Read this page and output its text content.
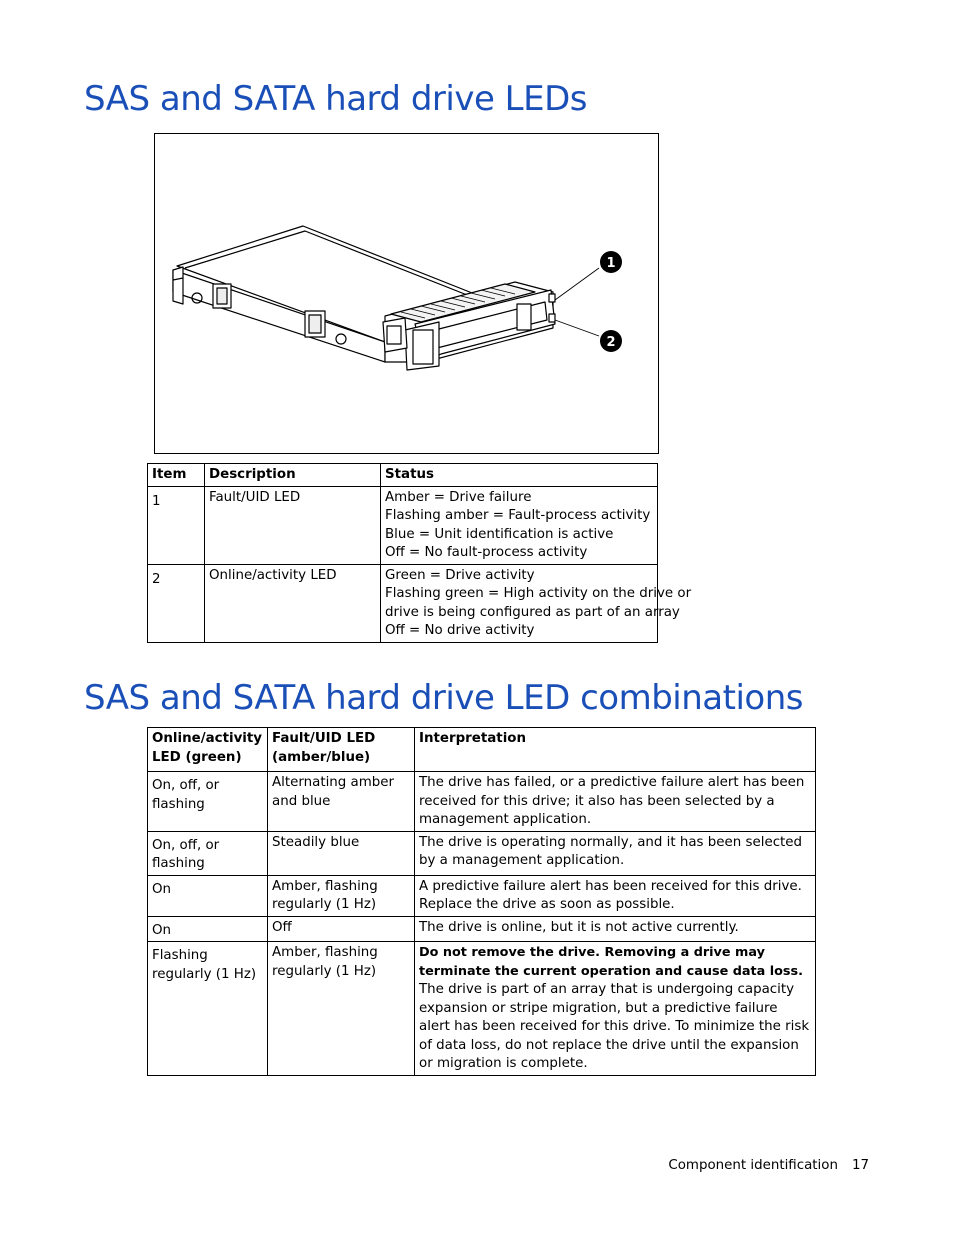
SAS and SATA hard drive LEDs
1
2
Item	Description	Status

1	Fault/UID LED	Amber = Drive failure
Flashing amber = Fault-process activity
Blue = Unit identification is active
Off = No fault-process activity

2	Online/activity LED	Green = Drive activity
Flashing green = High activity on the drive or
drive is being configured as part of an array
Off = No drive activity
SAS and SATA hard drive LED combinations
Online/activity LED (green)	Fault/UID LED (amber/blue)	Interpretation

On, off, or flashing	Alternating amber and blue	The drive has failed, or a predictive failure alert has been received for this drive; it also has been selected by a management application.

On, off, or flashing	Steadily blue	The drive is operating normally, and it has been selected by a management application.

On	Amber, flashing regularly (1 Hz)	A predictive failure alert has been received for this drive. Replace the drive as soon as possible.

On	Off	The drive is online, but it is not active currently.

Flashing regularly (1 Hz)	Amber, flashing regularly (1 Hz)	Do not remove the drive. Removing a drive may terminate the current operation and cause data loss.
The drive is part of an array that is undergoing capacity expansion or stripe migration, but a predictive failure alert has been received for this drive. To minimize the risk of data loss, do not replace the drive until the expansion or migration is complete.
Component identification 17
